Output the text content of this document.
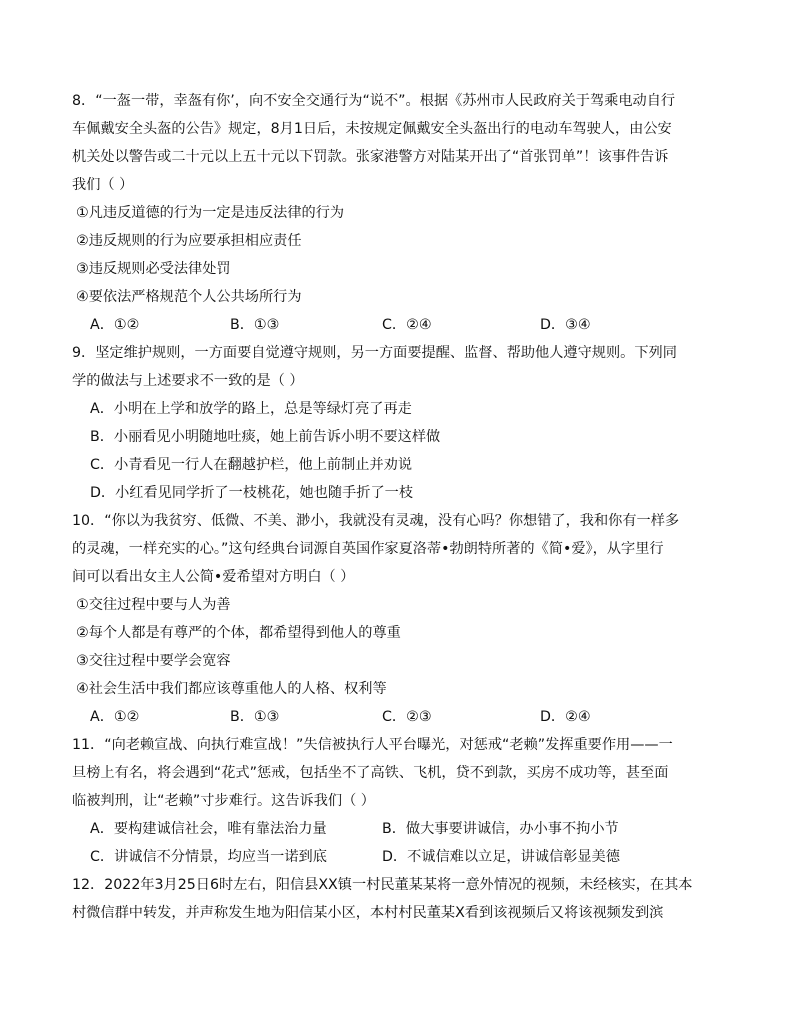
8．“一盔一带，幸盔有你’，向不安全交通行为“说不”。根据《苏州市人民政府关于驾乘电动自行
车佩戴安全头盔的公告》规定，8月1日后，未按规定佩戴安全头盔出行的电动车驾驶人，由公安
机关处以警告或二十元以上五十元以下罚款。张家港警方对陆某开出了“首张罚单”！该事件告诉
我们（ ）
①凡违反道德的行为一定是违反法律的行为
②违反规则的行为应要承担相应责任
③违反规则必受法律处罚
④要依法严格规范个人公共场所行为
A．①②	B．①③	C．②④	D．③④
9．坚定维护规则，一方面要自觉遵守规则，另一方面要提醒、监督、帮助他人遵守规则。下列同
学的做法与上述要求不一致的是（ ）
A．小明在上学和放学的路上，总是等绿灯亮了再走
B．小丽看见小明随地吐痰，她上前告诉小明不要这样做
C．小青看见一行人在翻越护栏，他上前制止并劝说
D．小红看见同学折了一枝桃花，她也随手折了一枝
10．“你以为我贫穷、低微、不美、渺小，我就没有灵魂，没有心吗？你想错了，我和你有一样多
的灵魂，一样充实的心。”这句经典台词源自英国作家夏洛蒂•勃朗特所著的《简•爱》，从字里行
间可以看出女主人公简•爱希望对方明白（ ）
①交往过程中要与人为善
②每个人都是有尊严的个体，都希望得到他人的尊重
③交往过程中要学会宽容
④社会生活中我们都应该尊重他人的人格、权利等
A．①②	B．①③	C．②③	D．②④
11．“向老赖宣战、向执行难宣战！”失信被执行人平台曝光，对惩戒“老赖”发挥重要作用——一
旦榜上有名，将会遇到“花式”惩戒，包括坐不了高铁、飞机，贷不到款，买房不成功等，甚至面
临被判刑，让“老赖”寸步难行。这告诉我们（ ）
A．要构建诚信社会，唯有靠法治力量	B．做大事要讲诚信，办小事不拘小节
C．讲诚信不分情景，均应当一诺到底	D．不诚信难以立足，讲诚信彰显美德
12．2022年3月25日6时左右，阳信县XX镇一村民董某某将一意外情况的视频，未经核实，在其本
村微信群中转发，并声称发生地为阳信某小区，本村村民董某X看到该视频后又将该视频发到滨
